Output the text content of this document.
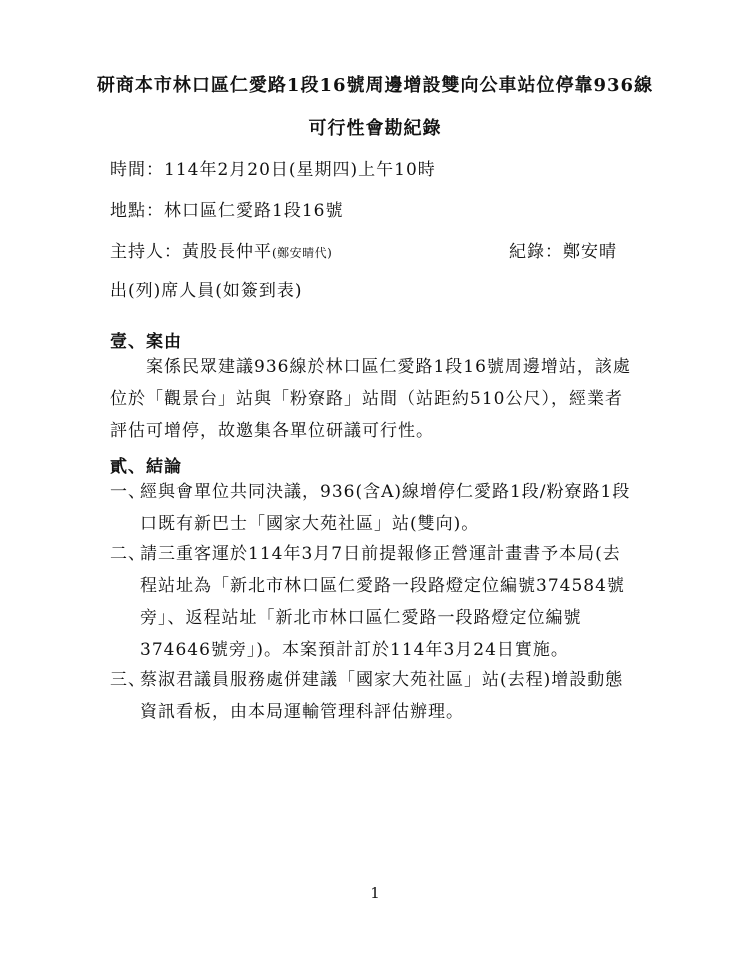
研商本市林口區仁愛路1段16號周邊增設雙向公車站位停靠936線
可行性會勘紀錄
時間：114年2月20日(星期四)上午10時
地點：林口區仁愛路1段16號
主持人：黃股長仲平(鄭安晴代)	紀錄：鄭安晴
出(列)席人員(如簽到表)
壹、案由
　　案係民眾建議936線於林口區仁愛路1段16號周邊增站，該處
位於「觀景台」站與「粉寮路」站間（站距約510公尺），經業者
評估可增停，故邀集各單位研議可行性。
貳、結論
一、
經與會單位共同決議，936(含A)線增停仁愛路1段/粉寮路1段
口既有新巴士「國家大苑社區」站(雙向)。
二、
請三重客運於114年3月7日前提報修正營運計畫書予本局(去
程站址為「新北市林口區仁愛路一段路燈定位編號374584號
旁」、返程站址「新北市林口區仁愛路一段路燈定位編號
374646號旁」)。本案預計訂於114年3月24日實施。
三、
蔡淑君議員服務處併建議「國家大苑社區」站(去程)增設動態
資訊看板，由本局運輸管理科評估辦理。
1
